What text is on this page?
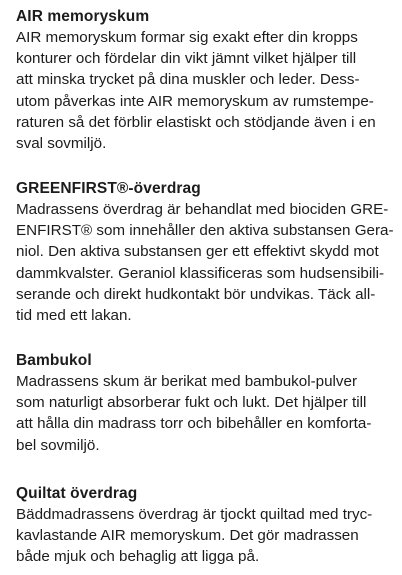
AIR memoryskum
AIR memoryskum formar sig exakt efter din kropps
konturer och fördelar din vikt jämnt vilket hjälper till
att minska trycket på dina muskler och leder. Dess-
utom påverkas inte AIR memoryskum av rumstempe-
raturen så det förblir elastiskt och stödjande även i en
sval sovmiljö.
GREENFIRST®-överdrag
Madrassens överdrag är behandlat med biociden GRE-
ENFIRST® som innehåller den aktiva substansen Gera-
niol. Den aktiva substansen ger ett effektivt skydd mot
dammkvalster. Geraniol klassificeras som hudsensibili-
serande och direkt hudkontakt bör undvikas. Täck all-
tid med ett lakan.
Bambukol
Madrassens skum är berikat med bambukol-pulver
som naturligt absorberar fukt och lukt. Det hjälper till
att hålla din madrass torr och bibehåller en komforta-
bel sovmiljö.
Quiltat överdrag
Bäddmadrassens överdrag är tjockt quiltad med tryc-
kavlastande AIR memoryskum. Det gör madrassen
både mjuk och behaglig att ligga på.
